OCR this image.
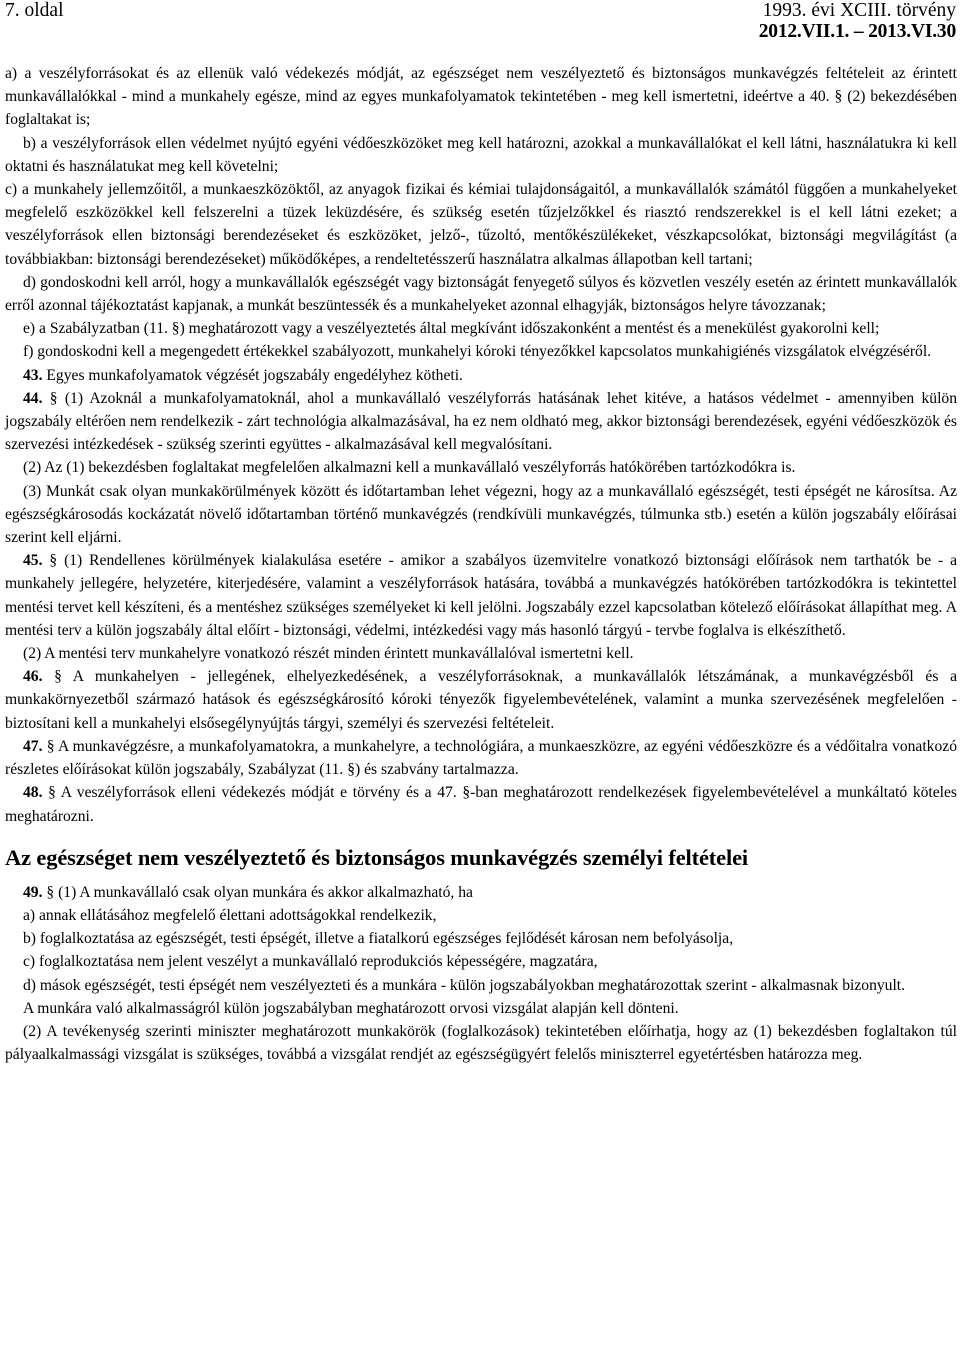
7. oldal	1993. évi XCIII. törvény
2012.VII.1. – 2013.VI.30

a) a veszélyforrásokat és az ellenük való védekezés módját, az egészséget nem veszélyeztető és biztonságos munkavégzés feltételeit az érintett munkavállalókkal - mind a munkahely egésze, mind az egyes munkafolyamatok tekintetében - meg kell ismertetni, ideértve a 40. § (2) bekezdésében foglaltakat is;

b) a veszélyforrások ellen védelmet nyújtó egyéni védőeszközöket meg kell határozni, azokkal a munkavállalókat el kell látni, használatukra ki kell oktatni és használatukat meg kell követelni;

c) a munkahely jellemzőitől, a munkaeszközöktől, az anyagok fizikai és kémiai tulajdonságaitól, a munkavállalók számától függően a munkahelyeket megfelelő eszközökkel kell felszerelni a tüzek leküzdésére, és szükség esetén tűzjelzőkkel és riasztó rendszerekkel is el kell látni ezeket; a veszélyforrások ellen biztonsági berendezéseket és eszközöket, jelző-, tűzoltó, mentőkészülékeket, vészkapcsolókat, biztonsági megvilágítást (a továbbiakban: biztonsági berendezéseket) működőképes, a rendeltetésszerű használatra alkalmas állapotban kell tartani;

d) gondoskodni kell arról, hogy a munkavállalók egészségét vagy biztonságát fenyegető súlyos és közvetlen veszély esetén az érintett munkavállalók erről azonnal tájékoztatást kapjanak, a munkát beszüntessék és a munkahelyeket azonnal elhagyják, biztonságos helyre távozzanak;

e) a Szabályzatban (11. §) meghatározott vagy a veszélyeztetés által megkívánt időszakonként a mentést és a menekülést gyakorolni kell;

f) gondoskodni kell a megengedett értékekkel szabályozott, munkahelyi kóroki tényezőkkel kapcsolatos munkahigiénés vizsgálatok elvégzéséről.

43. Egyes munkafolyamatok végzését jogszabály engedélyhez kötheti.

44. § (1) Azoknál a munkafolyamatoknál, ahol a munkavállaló veszélyforrás hatásának lehet kitéve, a hatásos védelmet - amennyiben külön jogszabály eltérően nem rendelkezik - zárt technológia alkalmazásával, ha ez nem oldható meg, akkor biztonsági berendezések, egyéni védőeszközök és szervezési intézkedések - szükség szerinti együttes - alkalmazásával kell megvalósítani.

(2) Az (1) bekezdésben foglaltakat megfelelően alkalmazni kell a munkavállaló veszélyforrás hatókörében tartózkodókra is.

(3) Munkát csak olyan munkakörülmények között és időtartamban lehet végezni, hogy az a munkavállaló egészségét, testi épségét ne károsítsa. Az egészségkárosodás kockázatát növelő időtartamban történő munkavégzés (rendkívüli munkavégzés, túlmunka stb.) esetén a külön jogszabály előírásai szerint kell eljárni.

45. § (1) Rendellenes körülmények kialakulása esetére - amikor a szabályos üzemvitelre vonatkozó biztonsági előírások nem tarthatók be - a munkahely jellegére, helyzetére, kiterjedésére, valamint a veszélyforrások hatására, továbbá a munkavégzés hatókörében tartózkodókra is tekintettel mentési tervet kell készíteni, és a mentéshez szükséges személyeket ki kell jelölni. Jogszabály ezzel kapcsolatban kötelező előírásokat állapíthat meg. A mentési terv a külön jogszabály által előírt - biztonsági, védelmi, intézkedési vagy más hasonló tárgyú - tervbe foglalva is elkészíthető.

(2) A mentési terv munkahelyre vonatkozó részét minden érintett munkavállalóval ismertetni kell.

46. § A munkahelyen - jellegének, elhelyezkedésének, a veszélyforrásoknak, a munkavállalók létszámának, a munkavégzésből és a munkakörnyezetből származó hatások és egészségkárosító kóroki tényezők figyelembevételének, valamint a munka szervezésének megfelelően - biztosítani kell a munkahelyi elsősegélynyújtás tárgyi, személyi és szervezési feltételeit.

47. § A munkavégzésre, a munkafolyamatokra, a munkahelyre, a technológiára, a munkaeszközre, az egyéni védőeszközre és a védőitalra vonatkozó részletes előírásokat külön jogszabály, Szabályzat (11. §) és szabvány tartalmazza.

48. § A veszélyforrások elleni védekezés módját e törvény és a 47. §-ban meghatározott rendelkezések figyelembevételével a munkáltató köteles meghatározni.

Az egészséget nem veszélyeztető és biztonságos munkavégzés személyi feltételei

49. § (1) A munkavállaló csak olyan munkára és akkor alkalmazható, ha

a) annak ellátásához megfelelő élettani adottságokkal rendelkezik,

b) foglalkoztatása az egészségét, testi épségét, illetve a fiatalkorú egészséges fejlődését károsan nem befolyásolja,

c) foglalkoztatása nem jelent veszélyt a munkavállaló reprodukciós képességére, magzatára,

d) mások egészségét, testi épségét nem veszélyezteti és a munkára - külön jogszabályokban meghatározottak szerint - alkalmasnak bizonyult.

A munkára való alkalmasságról külön jogszabályban meghatározott orvosi vizsgálat alapján kell dönteni.

(2) A tevékenység szerinti miniszter meghatározott munkakörök (foglalkozások) tekintetében előírhatja, hogy az (1) bekezdésben foglaltakon túl pályaalkalmassági vizsgálat is szükséges, továbbá a vizsgálat rendjét az egészségügyért felelős miniszterrel egyetértésben határozza meg.
